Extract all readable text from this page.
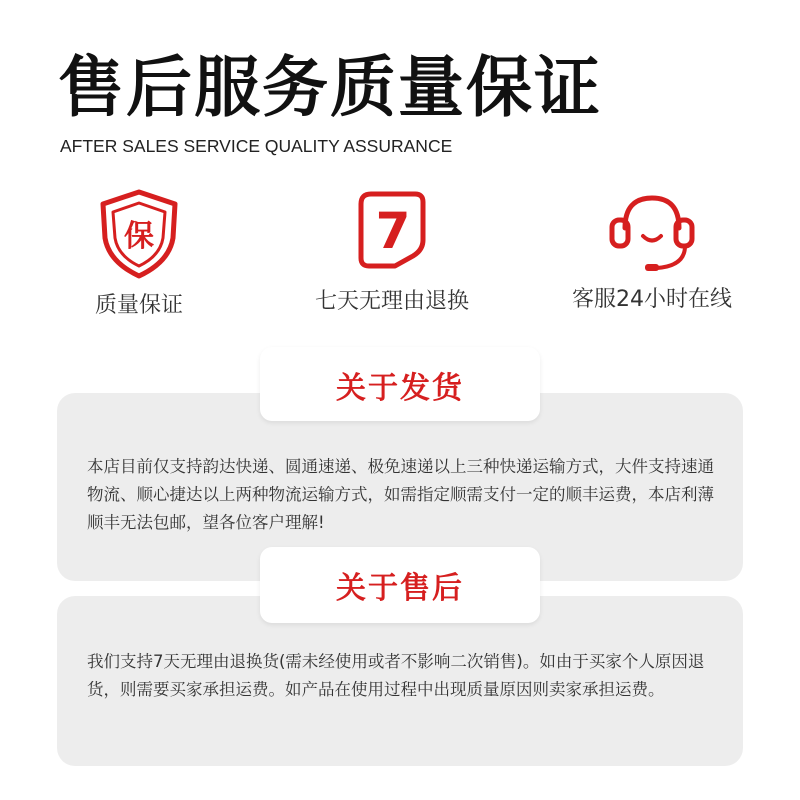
售后服务质量保证
AFTER SALES SERVICE QUALITY ASSURANCE
保
质量保证
7
七天无理由退换	客服24小时在线
本店目前仅支持韵达快递、圆通速递、极免速递以上三种快递运输方式，大件支持速通物流、顺心捷达以上两种物流运输方式，如需指定顺需支付一定的顺丰运费，本店利薄顺丰无法包邮，望各位客户理解!
关于发货
我们支持7天无理由退换货(需未经使用或者不影响二次销售)。如由于买家个人原因退货，则需要买家承担运费。如产品在使用过程中出现质量原因则卖家承担运费。
关于售后
